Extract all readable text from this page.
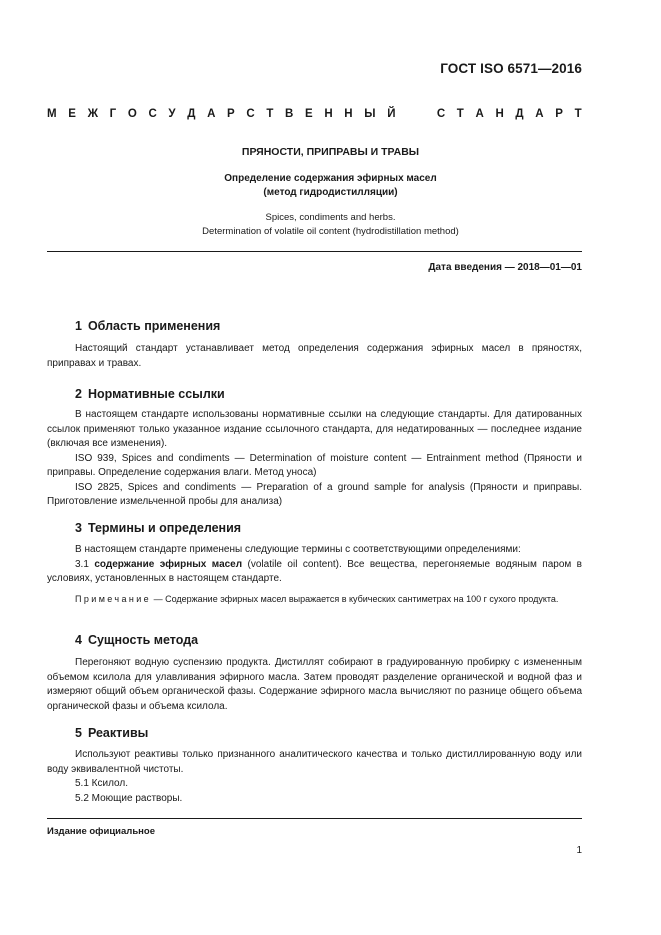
ГОСТ ISO 6571—2016
М Е Ж Г О С У Д А Р С Т В Е Н Н Ы Й

	С Т А Н Д А Р Т
ПРЯНОСТИ, ПРИПРАВЫ И ТРАВЫ
Определение содержания эфирных масел
(метод гидродистилляции)
Spices, condiments and herbs.
Determination of volatile oil content (hydrodistillation method)
Дата введения — 2018—01—01
1 Область применения

Настоящий стандарт устанавливает метод определения содержания эфирных масел в пряностях, приправах и травах.

2 Нормативные ссылки

В настоящем стандарте использованы нормативные ссылки на следующие стандарты. Для датированных ссылок применяют только указанное издание ссылочного стандарта, для недатированных — последнее издание (включая все изменения).

ISO 939, Spices and condiments — Determination of moisture content — Entrainment method (Пряности и приправы. Определение содержания влаги. Метод уноса)

ISO 2825, Spices and condiments — Preparation of a ground sample for analysis (Пряности и приправы. Приготовление измельченной пробы для анализа)

3 Термины и определения

В настоящем стандарте применены следующие термины с соответствующими определениями:

3.1 содержание эфирных масел (volatile oil content). Все вещества, перегоняемые водяным паром в условиях, установленных в настоящем стандарте.

Примечание — Содержание эфирных масел выражается в кубических сантиметрах на 100 г сухого продукта.

4 Сущность метода

Перегоняют водную суспензию продукта. Дистиллят собирают в градуированную пробирку с измененным объемом ксилола для улавливания эфирного масла. Затем проводят разделение органической и водной фаз и измеряют общий объем органической фазы. Содержание эфирного масла вычисляют по разнице общего объема органической фазы и объема ксилола.

5 Реактивы

Используют реактивы только признанного аналитического качества и только дистиллированную воду или воду эквивалентной чистоты.

5.1 Ксилол.

5.2 Моющие растворы.

Издание официальное
1
